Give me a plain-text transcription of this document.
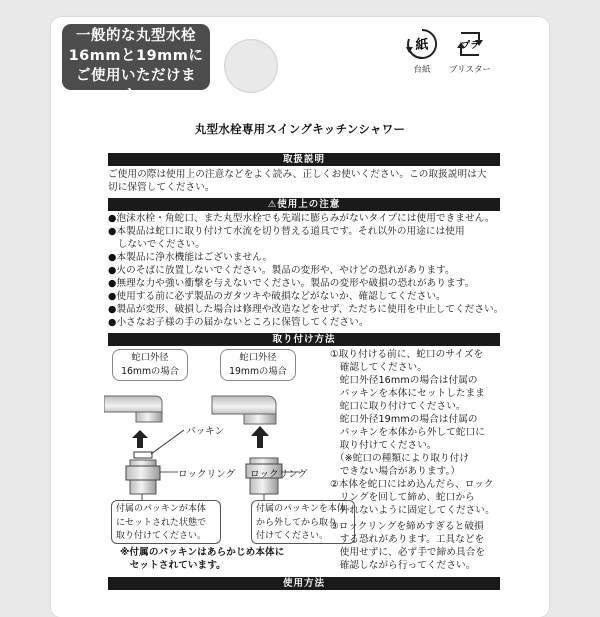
一般的な丸型水栓
16mmと19mmに
ご使用いただけます。
紙
台紙
プラ
ブリスター
丸型水栓専用スイングキッチンシャワー
取扱説明
ご使用の際は使用上の注意などをよく読み、正しくお使いください。この取扱説明は大
切に保管してください。
⚠使用上の注意
●泡沫水栓・角蛇口、また丸型水栓でも先端に膨らみがないタイプには使用できません。
●本製品は蛇口に取り付けて水流を切り替える道具です。それ以外の用途には使用
　しないでください。
●本製品に浄水機能はございません。
●火のそばに放置しないでください。製品の変形や、やけどの恐れがあります。
●無理な力や強い衝撃を与えないでください。製品の変形や破損の恐れがあります。
●使用する前に必ず製品のガタツキや破損などがないか、確認してください。
●製品が変形、破損した場合は修理や改造などをせず、ただちに使用を中止してください。
●小さなお子様の手の届かないところに保管してください。
取り付け方法
蛇口外径
16mmの場合
蛇口外径
19mmの場合
パッキン
ロックリング ロックリング
付属のパッキンが本体
にセットされた状態で
取り付けてください。
付属のパッキンを本体
から外してから取り
付けてください。
※付属のパッキンはあらかじめ本体に
　セットされています。
①取り付ける前に、蛇口のサイズを
　確認してください。
　蛇口外径16mmの場合は付属の
　パッキンを本体にセットしたまま
　蛇口に取り付けてください。
　蛇口外径19mmの場合は付属の
　パッキンを本体から外して蛇口に
　取り付けてください。
　（※蛇口の種類により取り付け
　できない場合があります。）
②本体を蛇口にはめ込んだら、ロック
　リングを回して締め、蛇口から
　外れないように固定してください。
③ロックリングを締めすぎると破損
　する恐れがあります。工具などを
　使用せずに、必ず手で締め具合を
　確認しながら行ってください。
使用方法
